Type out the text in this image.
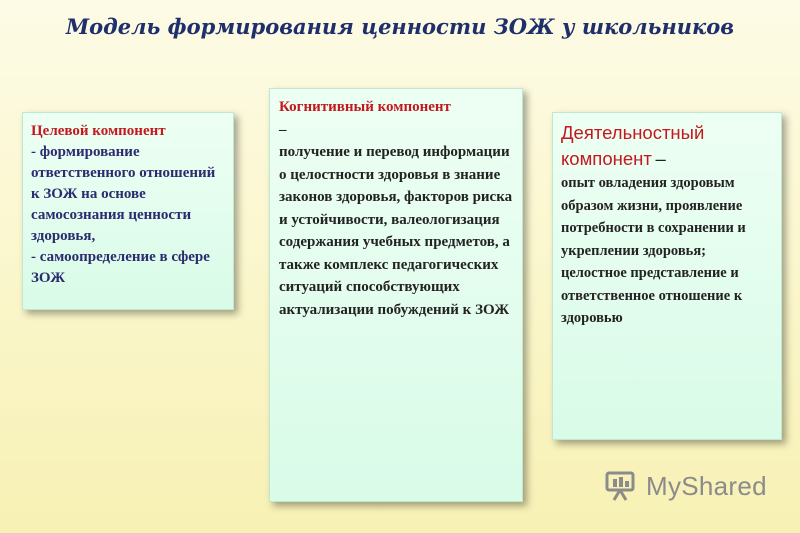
Модель формирования ценности ЗОЖ у школьников
Целевой компонент
- формирование ответственного отношений к ЗОЖ на основе самосознания ценности здоровья,
- самоопределение в сфере ЗОЖ
Когнитивный компонент
–
получение и перевод информации о целостности здоровья в знание законов здоровья, факторов риска и устойчивости, валеологизация содержания учебных предметов, а также комплекс педагогических ситуаций способствующих актуализации побуждений к ЗОЖ
Деятельностный компонент –
опыт овладения здоровым образом жизни, проявление потребности в сохранении и укреплении здоровья; целостное представление и ответственное отношение к здоровью
MyShared
